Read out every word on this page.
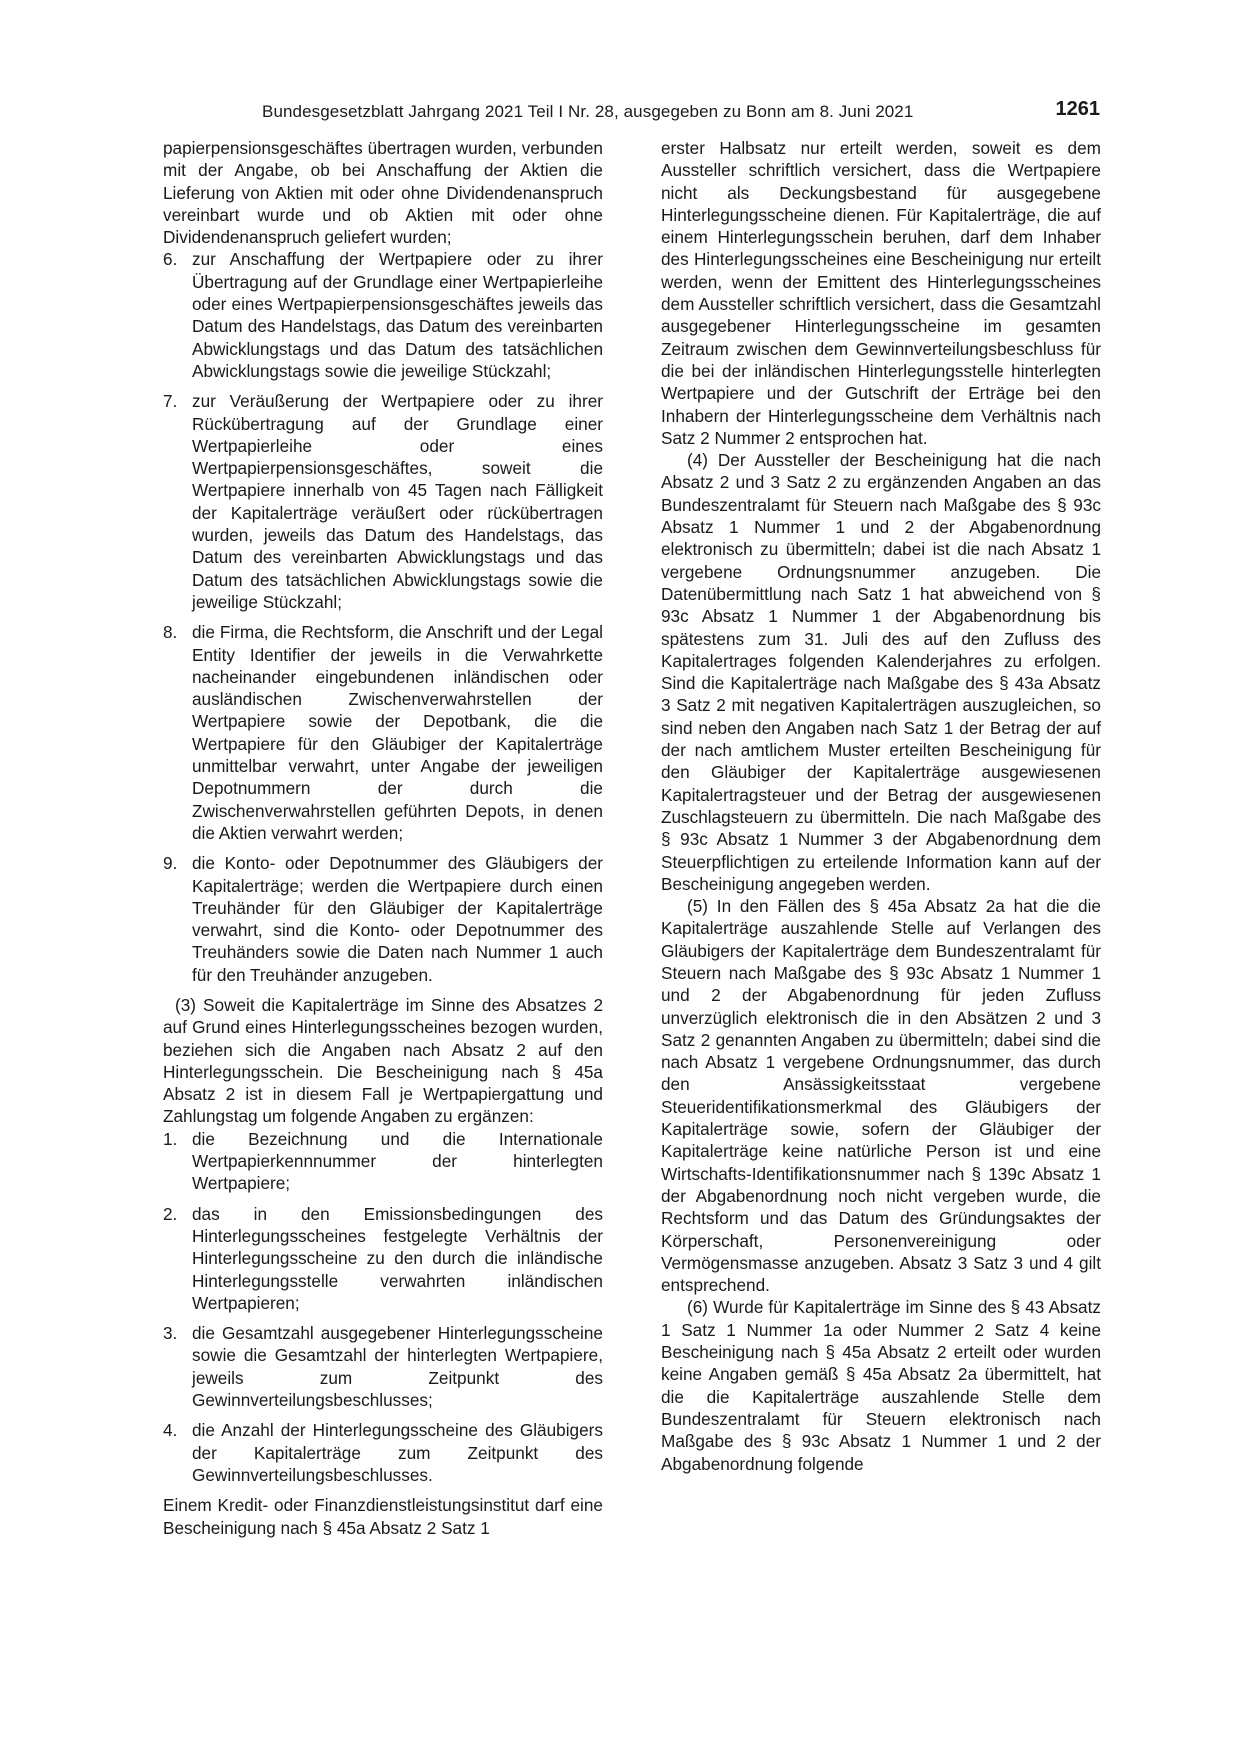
Bundesgesetzblatt Jahrgang 2021 Teil I Nr. 28, ausgegeben zu Bonn am 8. Juni 2021	1261

papierpensionsgeschäftes übertragen wurden, verbunden mit der Angabe, ob bei Anschaffung der Aktien die Lieferung von Aktien mit oder ohne Dividendenanspruch vereinbart wurde und ob Aktien mit oder ohne Dividendenanspruch geliefert wurden;

6. zur Anschaffung der Wertpapiere oder zu ihrer Übertragung auf der Grundlage einer Wertpapierleihe oder eines Wertpapierpensionsgeschäftes jeweils das Datum des Handelstags, das Datum des vereinbarten Abwicklungstags und das Datum des tatsächlichen Abwicklungstags sowie die jeweilige Stückzahl;
7. zur Veräußerung der Wertpapiere oder zu ihrer Rückübertragung auf der Grundlage einer Wertpapierleihe oder eines Wertpapierpensionsgeschäftes, soweit die Wertpapiere innerhalb von 45 Tagen nach Fälligkeit der Kapitalerträge veräußert oder rückübertragen wurden, jeweils das Datum des Handelstags, das Datum des vereinbarten Abwicklungstags und das Datum des tatsächlichen Abwicklungstags sowie die jeweilige Stückzahl;
8. die Firma, die Rechtsform, die Anschrift und der Legal Entity Identifier der jeweils in die Verwahrkette nacheinander eingebundenen inländischen oder ausländischen Zwischenverwahrstellen der Wertpapiere sowie der Depotbank, die die Wertpapiere für den Gläubiger der Kapitalerträge unmittelbar verwahrt, unter Angabe der jeweiligen Depotnummern der durch die Zwischenverwahrstellen geführten Depots, in denen die Aktien verwahrt werden;
9. die Konto- oder Depotnummer des Gläubigers der Kapitalerträge; werden die Wertpapiere durch einen Treuhänder für den Gläubiger der Kapitalerträge verwahrt, sind die Konto- oder Depotnummer des Treuhänders sowie die Daten nach Nummer 1 auch für den Treuhänder anzugeben.

(3) Soweit die Kapitalerträge im Sinne des Absatzes 2 auf Grund eines Hinterlegungsscheines bezogen wurden, beziehen sich die Angaben nach Absatz 2 auf den Hinterlegungsschein. Die Bescheinigung nach § 45a Absatz 2 ist in diesem Fall je Wertpapiergattung und Zahlungstag um folgende Angaben zu ergänzen:

1. die Bezeichnung und die Internationale Wertpapierkennnummer der hinterlegten Wertpapiere;
2. das in den Emissionsbedingungen des Hinterlegungsscheines festgelegte Verhältnis der Hinterlegungsscheine zu den durch die inländische Hinterlegungsstelle verwahrten inländischen Wertpapieren;
3. die Gesamtzahl ausgegebener Hinterlegungsscheine sowie die Gesamtzahl der hinterlegten Wertpapiere, jeweils zum Zeitpunkt des Gewinnverteilungsbeschlusses;
4. die Anzahl der Hinterlegungsscheine des Gläubigers der Kapitalerträge zum Zeitpunkt des Gewinnverteilungsbeschlusses.

Einem Kredit- oder Finanzdienstleistungsinstitut darf eine Bescheinigung nach § 45a Absatz 2 Satz 1

erster Halbsatz nur erteilt werden, soweit es dem Aussteller schriftlich versichert, dass die Wertpapiere nicht als Deckungsbestand für ausgegebene Hinterlegungsscheine dienen. Für Kapitalerträge, die auf einem Hinterlegungsschein beruhen, darf dem Inhaber des Hinterlegungsscheines eine Bescheinigung nur erteilt werden, wenn der Emittent des Hinterlegungsscheines dem Aussteller schriftlich versichert, dass die Gesamtzahl ausgegebener Hinterlegungsscheine im gesamten Zeitraum zwischen dem Gewinnverteilungsbeschluss für die bei der inländischen Hinterlegungsstelle hinterlegten Wertpapiere und der Gutschrift der Erträge bei den Inhabern der Hinterlegungsscheine dem Verhältnis nach Satz 2 Nummer 2 entsprochen hat.

(4) Der Aussteller der Bescheinigung hat die nach Absatz 2 und 3 Satz 2 zu ergänzenden Angaben an das Bundeszentralamt für Steuern nach Maßgabe des § 93c Absatz 1 Nummer 1 und 2 der Abgabenordnung elektronisch zu übermitteln; dabei ist die nach Absatz 1 vergebene Ordnungsnummer anzugeben. Die Datenübermittlung nach Satz 1 hat abweichend von § 93c Absatz 1 Nummer 1 der Abgabenordnung bis spätestens zum 31. Juli des auf den Zufluss des Kapitalertrages folgenden Kalenderjahres zu erfolgen. Sind die Kapitalerträge nach Maßgabe des § 43a Absatz 3 Satz 2 mit negativen Kapitalerträgen auszugleichen, so sind neben den Angaben nach Satz 1 der Betrag der auf der nach amtlichem Muster erteilten Bescheinigung für den Gläubiger der Kapitalerträge ausgewiesenen Kapitalertragsteuer und der Betrag der ausgewiesenen Zuschlagsteuern zu übermitteln. Die nach Maßgabe des § 93c Absatz 1 Nummer 3 der Abgabenordnung dem Steuerpflichtigen zu erteilende Information kann auf der Bescheinigung angegeben werden.

(5) In den Fällen des § 45a Absatz 2a hat die die Kapitalerträge auszahlende Stelle auf Verlangen des Gläubigers der Kapitalerträge dem Bundeszentralamt für Steuern nach Maßgabe des § 93c Absatz 1 Nummer 1 und 2 der Abgabenordnung für jeden Zufluss unverzüglich elektronisch die in den Absätzen 2 und 3 Satz 2 genannten Angaben zu übermitteln; dabei sind die nach Absatz 1 vergebene Ordnungsnummer, das durch den Ansässigkeitsstaat vergebene Steueridentifikationsmerkmal des Gläubigers der Kapitalerträge sowie, sofern der Gläubiger der Kapitalerträge keine natürliche Person ist und eine Wirtschafts-Identifikationsnummer nach § 139c Absatz 1 der Abgabenordnung noch nicht vergeben wurde, die Rechtsform und das Datum des Gründungsaktes der Körperschaft, Personenvereinigung oder Vermögensmasse anzugeben. Absatz 3 Satz 3 und 4 gilt entsprechend.

(6) Wurde für Kapitalerträge im Sinne des § 43 Absatz 1 Satz 1 Nummer 1a oder Nummer 2 Satz 4 keine Bescheinigung nach § 45a Absatz 2 erteilt oder wurden keine Angaben gemäß § 45a Absatz 2a übermittelt, hat die die Kapitalerträge auszahlende Stelle dem Bundeszentralamt für Steuern elektronisch nach Maßgabe des § 93c Absatz 1 Nummer 1 und 2 der Abgabenordnung folgende
